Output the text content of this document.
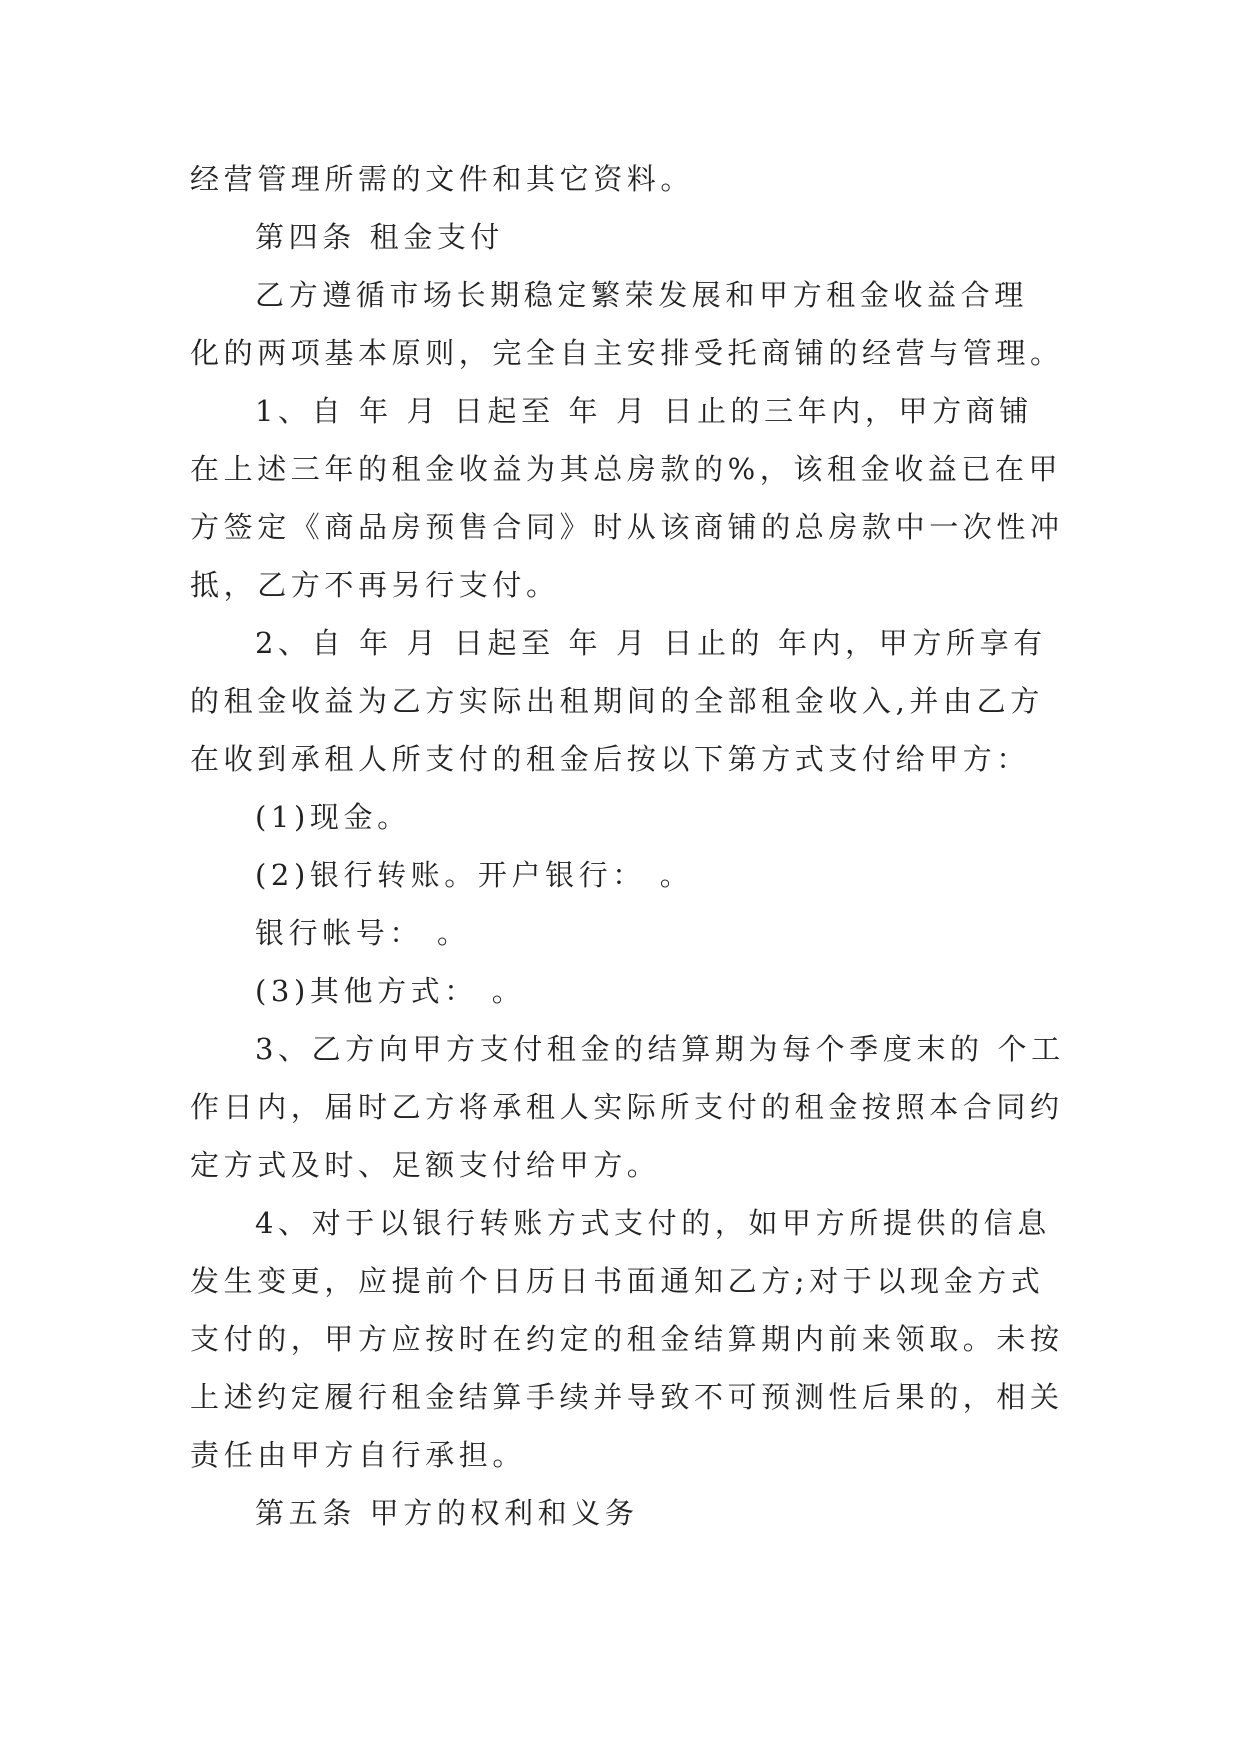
经营管理所需的文件和其它资料。
第四条 租金支付
乙方遵循市场长期稳定繁荣发展和甲方租金收益合理
化的两项基本原则，完全自主安排受托商铺的经营与管理。
1、自 年 月 日起至 年 月 日止的三年内，甲方商铺
在上述三年的租金收益为其总房款的%，该租金收益已在甲
方签定《商品房预售合同》时从该商铺的总房款中一次性冲
抵，乙方不再另行支付。
2、自 年 月 日起至 年 月 日止的 年内，甲方所享有
的租金收益为乙方实际出租期间的全部租金收入,并由乙方
在收到承租人所支付的租金后按以下第方式支付给甲方：
(1)现金。
(2)银行转账。开户银行： 。
银行帐号： 。
(3)其他方式： 。
3、乙方向甲方支付租金的结算期为每个季度末的 个工
作日内，届时乙方将承租人实际所支付的租金按照本合同约
定方式及时、足额支付给甲方。
4、对于以银行转账方式支付的，如甲方所提供的信息
发生变更，应提前个日历日书面通知乙方;对于以现金方式
支付的，甲方应按时在约定的租金结算期内前来领取。未按
上述约定履行租金结算手续并导致不可预测性后果的，相关
责任由甲方自行承担。
第五条 甲方的权利和义务
